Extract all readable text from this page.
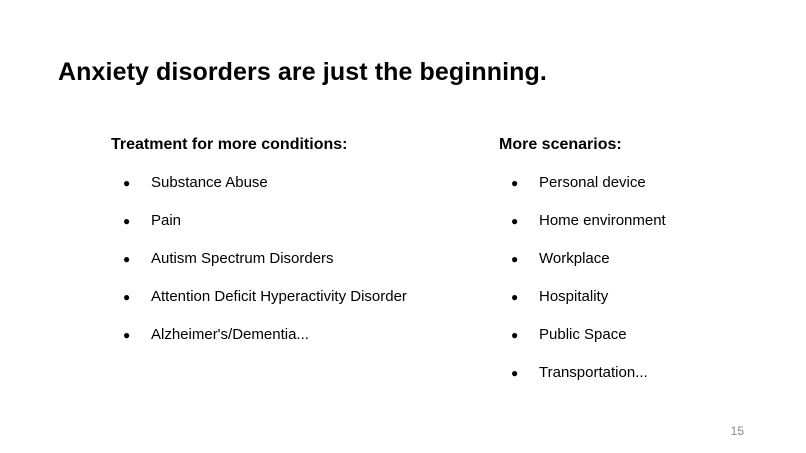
Anxiety disorders are just the beginning.
Treatment for more conditions:
● Substance Abuse
● Pain
● Autism Spectrum Disorders
● Attention Deficit Hyperactivity Disorder
● Alzheimer's/Dementia...
More scenarios:
● Personal device
● Home environment
● Workplace
● Hospitality
● Public Space
● Transportation...
15
